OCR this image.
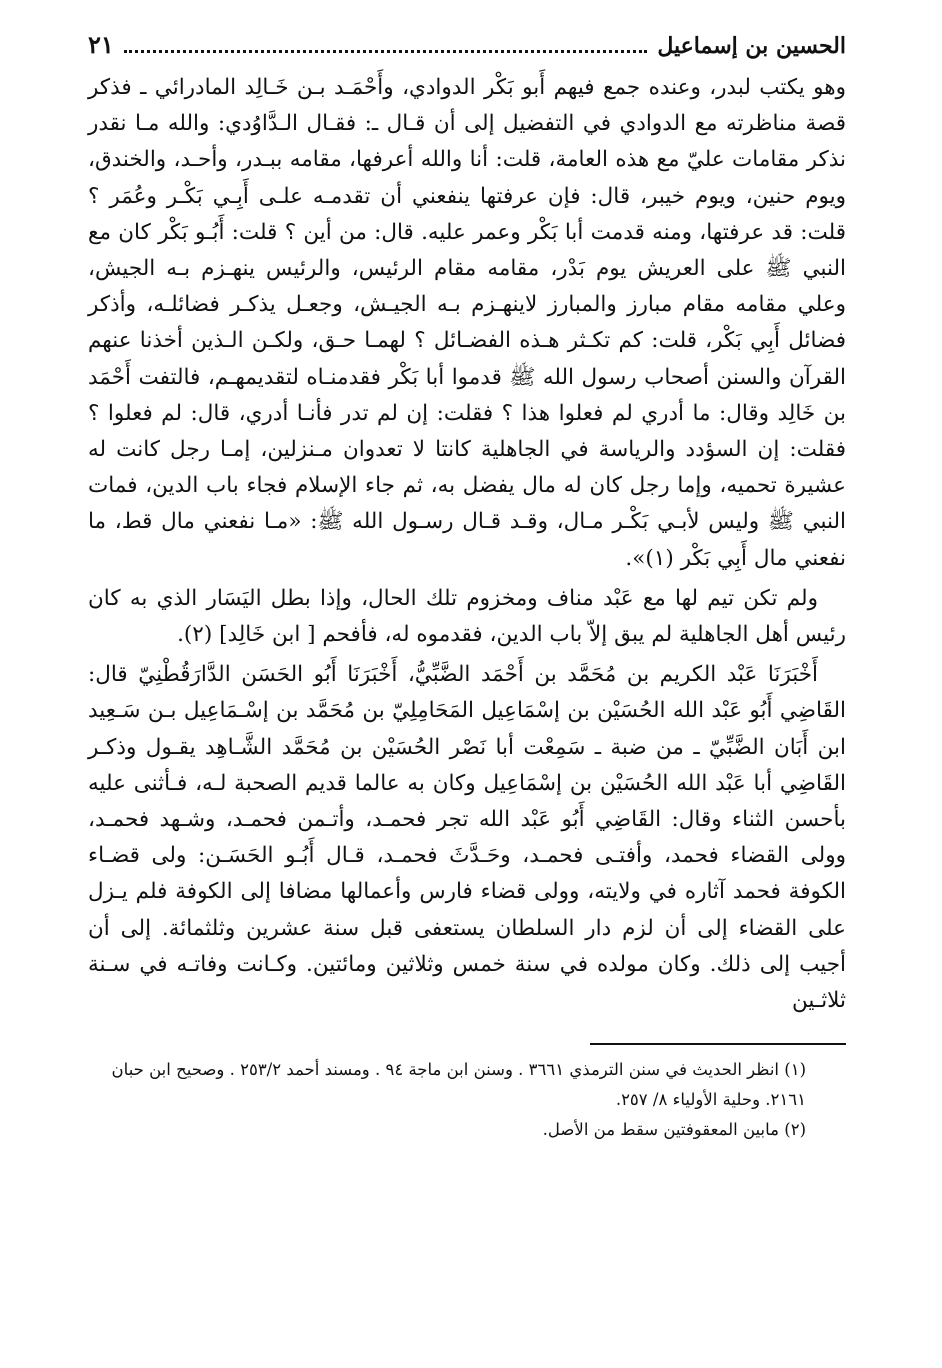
الحسين بن إسماعيل
٢١

وهو يكتب لبدر، وعنده جمع فيهم أَبو بَكْر الدوادي، وأَحْمَـد بـن خَـالِد المادرائي ـ فذكر قصة مناظرته مع الدوادي في التفضيل إلى أن قـال ـ: فقـال الـدَّاوُدي: والله مـا نقدر نذكر مقامات عليّ مع هذه العامة، قلت: أنا والله أعرفها، مقامه ببـدر، وأحـد، والخندق، ويوم حنين، ويوم خيبر، قال: فإن عرفتها ينفعني أن تقدمـه علـى أَبِـي بَكْـر وعُمَر ؟ قلت: قد عرفتها، ومنه قدمت أبا بَكْر وعمر عليه. قال: من أين ؟ قلت: أَبُـو بَكْر كان مع النبي ﷺ على العريش يوم بَدْر، مقامه مقام الرئيس، والرئيس ينهـزم بـه الجيش، وعلي مقامه مقام مبارز والمبارز لاينهـزم بـه الجيـش، وجعـل يذكـر فضائلـه، وأذكر فضائل أَبِي بَكْر، قلت: كم تكـثر هـذه الفضـائل ؟ لهمـا حـق، ولكـن الـذين أخذنا عنهم القرآن والسنن أصحاب رسول الله ﷺ قدموا أبا بَكْر فقدمنـاه لتقديمهـم، فالتفت أَحْمَد بن خَالِد وقال: ما أدري لم فعلوا هذا ؟ فقلت: إن لم تدر فأنـا أدري، قال: لم فعلوا ؟ فقلت: إن السؤدد والرياسة في الجاهلية كانتا لا تعدوان مـنزلين، إمـا رجل كانت له عشيرة تحميه، وإما رجل كان له مال يفضل به، ثم جاء الإسلام فجاء باب الدين، فمات النبي ﷺ وليس لأبـي بَكْـر مـال، وقـد قـال رسـول الله ﷺ: «مـا نفعني مال قط، ما نفعني مال أَبِي بَكْر (١)».

ولم تكن تيم لها مع عَبْد مناف ومخزوم تلك الحال، وإذا بطل اليَسَار الذي به كان رئيس أهل الجاهلية لم يبق إلاّ باب الدين، فقدموه له، فأفحم [ ابن خَالِد] (٢).

أَخْبَرَنَا عَبْد الكريم بن مُحَمَّد بن أَحْمَد الضَّبِّيُّ، أَخْبَرَنَا أَبُو الحَسَن الدَّارَقُطْنِيّ قال: القَاضِي أَبُو عَبْد الله الحُسَيْن بن إسْمَاعِيل المَحَامِلِيّ بن مُحَمَّد بن إسْـمَاعِيل بـن سَـعِيد ابن أَبَان الضَّبِّيّ ـ من ضبة ـ سَمِعْت أبا نَصْر الحُسَيْن بن مُحَمَّد الشَّـاهِد يقـول وذكـر القَاضِي أبا عَبْد الله الحُسَيْن بن إسْمَاعِيل وكان به عالما قديم الصحبة لـه، فـأثنى عليه بأحسن الثناء وقال: القَاضِي أَبُو عَبْد الله تجر فحمـد، وأتـمن فحمـد، وشـهد فحمـد، وولى القضاء فحمد، وأفتـى فحمـد، وحَـدَّثَ فحمـد، قـال أَبُـو الحَسَـن: ولى قضـاء الكوفة فحمد آثاره في ولايته، وولى قضاء فارس وأعمالها مضافا إلى الكوفة فلم يـزل على القضاء إلى أن لزم دار السلطان يستعفى قبل سنة عشرين وثلثمائة. إلى أن أجيب إلى ذلك. وكان مولده في سنة خمس وثلاثين ومائتين. وكـانت وفاتـه في سـنة ثلاثـين

(١) انظر الحديث في سنن الترمذي ٣٦٦١ . وسنن ابن ماجة ٩٤ . ومسند أحمد ٢٥٣/٢ . وصحيح ابن حبان ٢١٦١. وحلية الأولياء ٨/ ٢٥٧.

(٢) مابين المعقوفتين سقط من الأصل.
